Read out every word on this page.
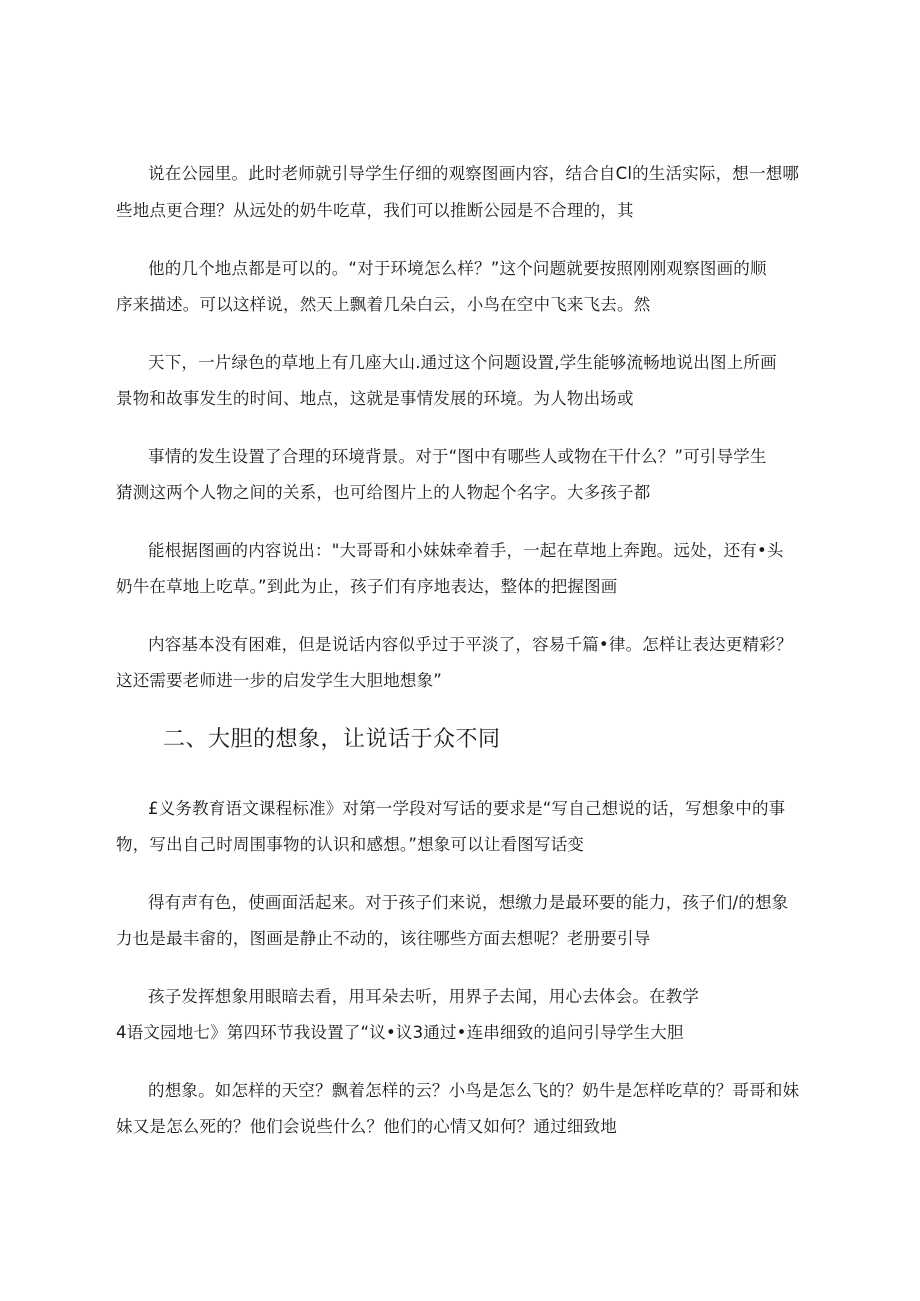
说在公园里。此时老师就引导学生仔细的观察图画内容，结合自Cl的生活实际，想一想哪
些地点更合理？从远处的奶牛吃草，我们可以推断公园是不合理的，其
他的几个地点都是可以的。“对于环境怎么样？”这个问题就要按照刚刚观察图画的顺
序来描述。可以这样说，然天上飘着几朵白云，小鸟在空中飞来飞去。然
天下，一片绿色的草地上有几座大山.通过这个问题设置,学生能够流畅地说出图上所画
景物和故事发生的时间、地点，这就是事情发展的环境。为人物出场或
事情的发生设置了合理的环境背景。对于“图中有哪些人或物在干什么？”可引导学生
猜测这两个人物之间的关系，也可给图片上的人物起个名字。大多孩子都
能根据图画的内容说出："大哥哥和小妹妹牵着手，一起在草地上奔跑。远处，还有•头
奶牛在草地上吃草。”到此为止，孩子们有序地表达，整体的把握图画
内容基本没有困难，但是说话内容似乎过于平淡了，容易千篇•律。怎样让表达更精彩？
这还需要老师进一步的启发学生大胆地想象”
二、大胆的想象，让说话于众不同
£义务教育语文课程标准》对第一学段对写话的要求是“写自己想说的话，写想象中的事
物，写出自己时周围事物的认识和感想。”想象可以让看图写话变
得有声有色，使画面活起来。对于孩子们来说，想缴力是最环要的能力，孩子们/的想象
力也是最丰畲的，图画是静止不动的，该往哪些方面去想呢？老册要引导
孩子发挥想象用眼暗去看，用耳朵去听，用界子去闻，用心去体会。在教学
4语文园地七》第四环节我设置了“议•议3通过•连串细致的追问引导学生大胆
的想象。如怎样的天空？飘着怎样的云？小鸟是怎么飞的？奶牛是怎样吃草的？哥哥和妹
妹又是怎么死的？他们会说些什么？他们的心情又如何？通过细致地
